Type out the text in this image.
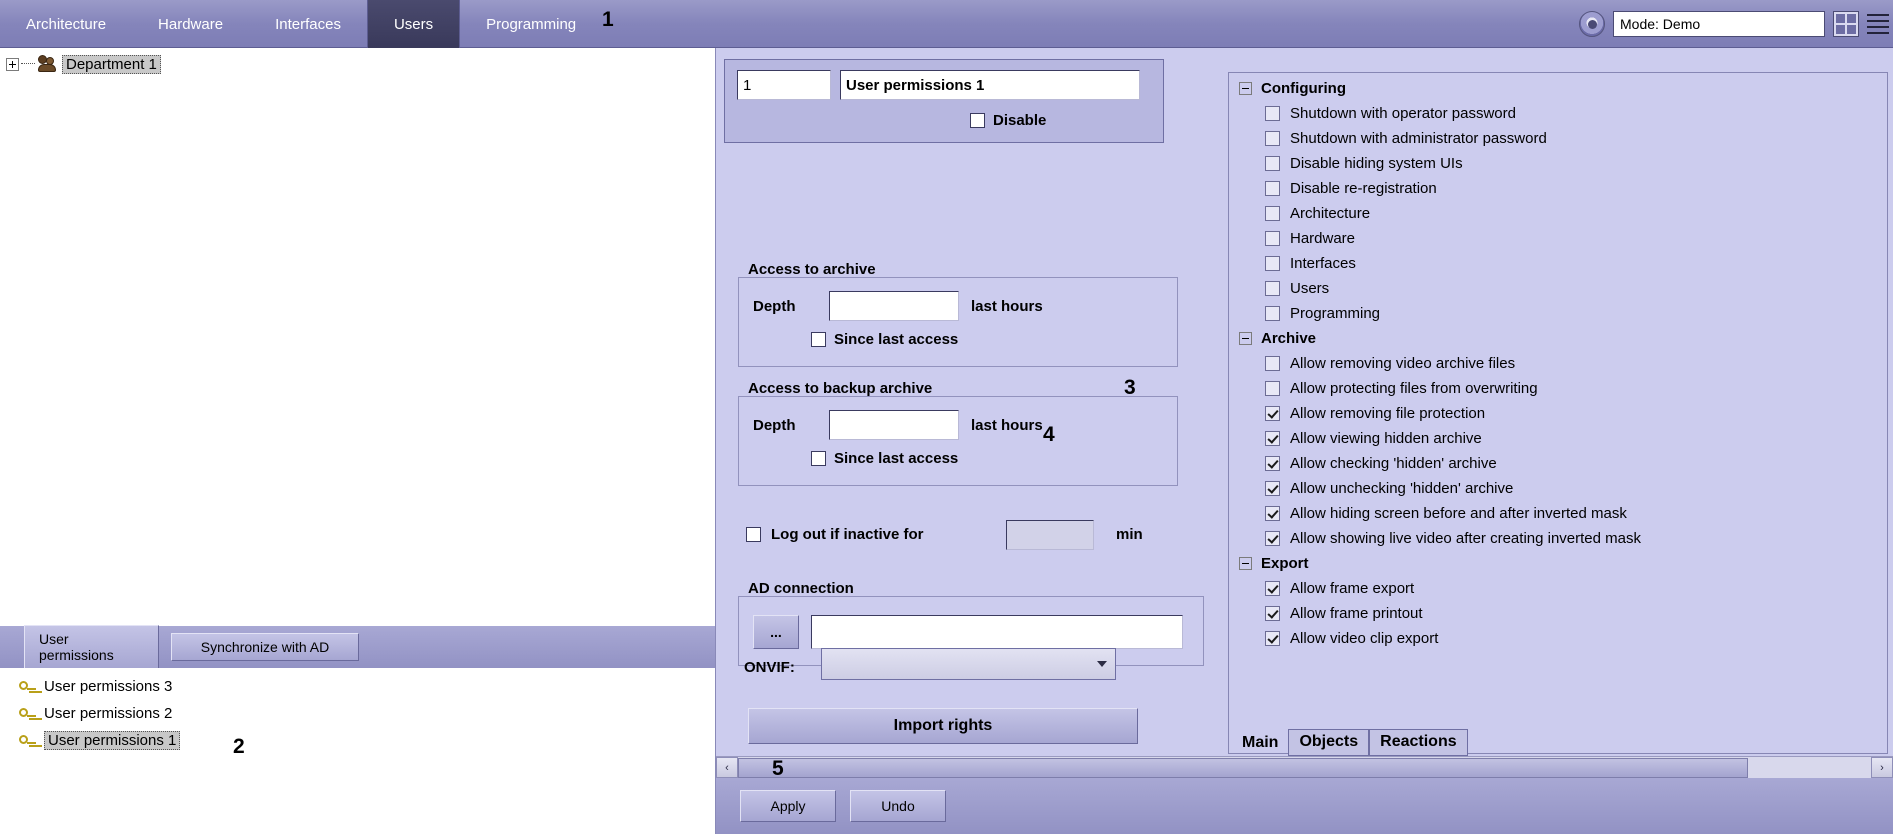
Architecture	Hardware	Interfaces	Users	Programming	Mode: Demo
Department 1
User permissions	Synchronize with AD
User permissions 3
User permissions 2
User permissions 1
1	User permissions 1
Disable
Access to archive
Depth	last hours
Since last access
Access to backup archive
Depth	last hours
Since last access
Log out if inactive for	min
AD connection
...
ONVIF:
Import rights
Configuring
Shutdown with operator password
Shutdown with administrator password
Disable hiding system UIs
Disable re-registration
Architecture
Hardware
Interfaces
Users
Programming
Archive
Allow removing video archive files
Allow protecting files from overwriting
Allow removing file protection
Allow viewing hidden archive
Allow checking 'hidden' archive
Allow unchecking 'hidden' archive
Allow hiding screen before and after inverted mask
Allow showing live video after creating inverted mask
Export
Allow frame export
Allow frame printout
Allow video clip export
Main	Objects	Reactions
‹	›
Apply	Undo
1
2
3
4
5
